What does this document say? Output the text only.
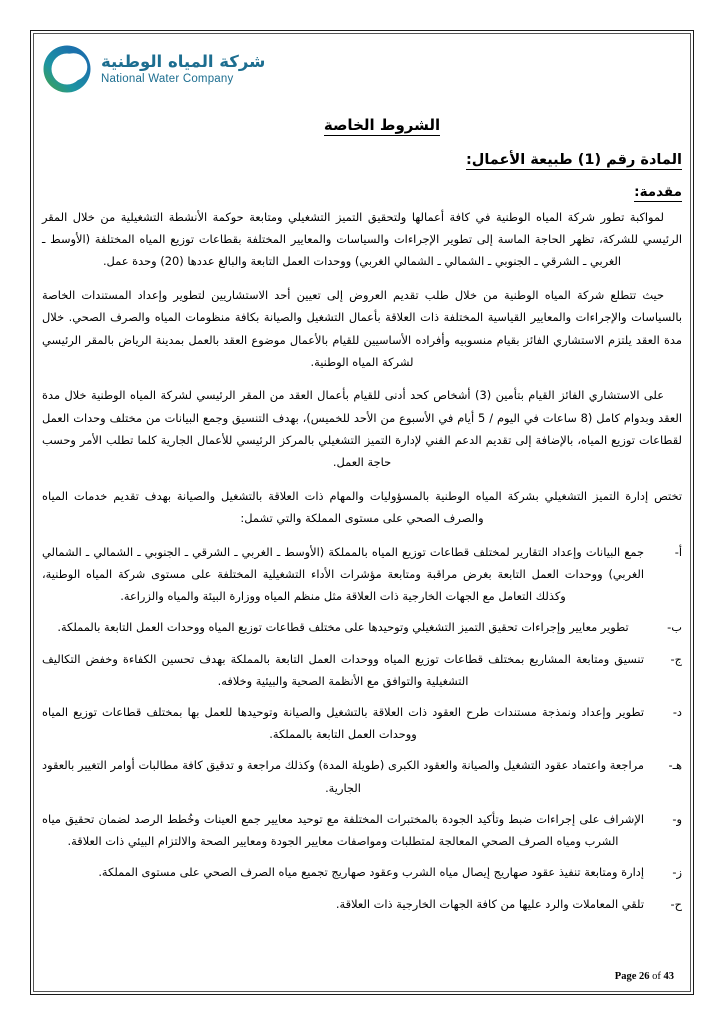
شركة المياه الوطنية
National Water Company
الشروط الخاصة
المادة رقم (1) طبيعة الأعمال:
مقدمة:

لمواكبة تطور شركة المياه الوطنية في كافة أعمالها ولتحقيق التميز التشغيلي ومتابعة حوكمة الأنشطة التشغيلية من خلال المقر الرئيسي للشركة، تظهر الحاجة الماسة إلى تطوير الإجراءات والسياسات والمعايير المختلفة بقطاعات توزيع المياه المختلفة (الأوسط ـ الغربي ـ الشرقي ـ الجنوبي ـ الشمالي ـ الشمالي الغربي) ووحدات العمل التابعة والبالغ عددها (20) وحدة عمل.

حيث تتطلع شركة المياه الوطنية من خلال طلب تقديم العروض إلى تعيين أحد الاستشاريين لتطوير وإعداد المستندات الخاصة بالسياسات والإجراءات والمعايير القياسية المختلفة ذات العلاقة بأعمال التشغيل والصيانة بكافة منظومات المياه والصرف الصحي. خلال مدة العقد يلتزم الاستشاري الفائز بقيام منسوبيه وأفراده الأساسيين للقيام بالأعمال موضوع العقد بالعمل بمدينة الرياض بالمقر الرئيسي لشركة المياه الوطنية.

على الاستشاري الفائز القيام بتأمين (3) أشخاص كحد أدنى للقيام بأعمال العقد من المقر الرئيسي لشركة المياه الوطنية خلال مدة العقد وبدوام كامل (8 ساعات في اليوم / 5 أيام في الأسبوع من الأحد للخميس)، بهدف التنسيق وجمع البيانات من مختلف وحدات العمل لقطاعات توزيع المياه، بالإضافة إلى تقديم الدعم الفني لإدارة التميز التشغيلي بالمركز الرئيسي للأعمال الجارية كلما تطلب الأمر وحسب حاجة العمل.

تختص إدارة التميز التشغيلي بشركة المياه الوطنية بالمسؤوليات والمهام ذات العلاقة بالتشغيل والصيانة بهدف تقديم خدمات المياه والصرف الصحي على مستوى المملكة والتي تشمل:

أ-
جمع البيانات وإعداد التقارير لمختلف قطاعات توزيع المياه بالمملكة (الأوسط ـ الغربي ـ الشرقي ـ الجنوبي ـ الشمالي ـ الشمالي الغربي) ووحدات العمل التابعة بغرض مراقبة ومتابعة مؤشرات الأداء التشغيلية المختلفة على مستوى شركة المياه الوطنية، وكذلك التعامل مع الجهات الخارجية ذات العلاقة مثل منظم المياه ووزارة البيئة والمياه والزراعة.
ب-
تطوير معايير وإجراءات تحقيق التميز التشغيلي وتوحيدها على مختلف قطاعات توزيع المياه ووحدات العمل التابعة بالمملكة.
ج-
تنسيق ومتابعة المشاريع بمختلف قطاعات توزيع المياه ووحدات العمل التابعة بالمملكة بهدف تحسين الكفاءة وخفض التكاليف التشغيلية والتوافق مع الأنظمة الصحية والبيئية وخلافه.
د-
تطوير وإعداد ونمذجة مستندات طرح العقود ذات العلاقة بالتشغيل والصيانة وتوحيدها للعمل بها بمختلف قطاعات توزيع المياه ووحدات العمل التابعة بالمملكة.
هـ-
مراجعة واعتماد عقود التشغيل والصيانة والعقود الكبرى (طويلة المدة) وكذلك مراجعة و تدقيق كافة مطالبات أوامر التغيير بالعقود الجارية.
و-
الإشراف على إجراءات ضبط وتأكيد الجودة بالمختبرات المختلفة مع توحيد معايير جمع العينات وخُطط الرصد لضمان تحقيق مياه الشرب ومياه الصرف الصحي المعالجة لمتطلبات ومواصفات معايير الجودة ومعايير الصحة والالتزام البيئي ذات العلاقة.
ز-
إدارة ومتابعة تنفيذ عقود صهاريج إيصال مياه الشرب وعقود صهاريج تجميع مياه الصرف الصحي على مستوى المملكة.
ح-
تلقي المعاملات والرد عليها من كافة الجهات الخارجية ذات العلاقة.
Page 26 of 43
